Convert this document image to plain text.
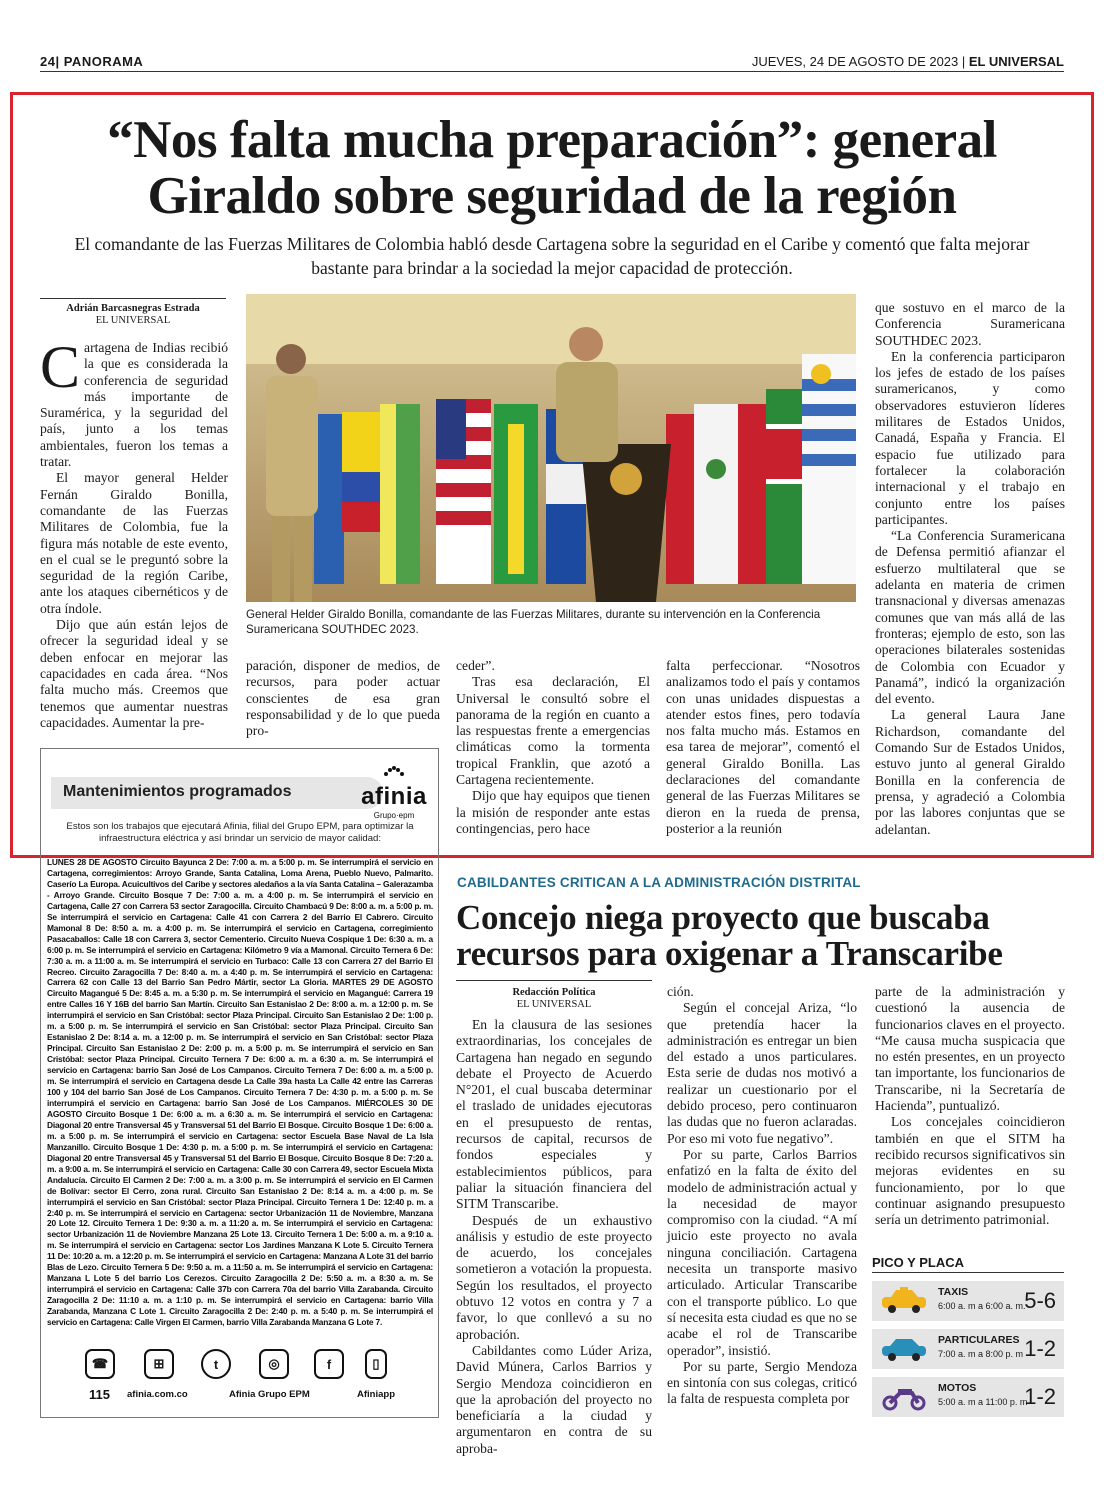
24| PANORAMA	JUEVES, 24 DE AGOSTO DE 2023 | EL UNIVERSAL
“Nos falta mucha preparación”: general Giraldo sobre seguridad de la región

El comandante de las Fuerzas Militares de Colombia habló desde Cartagena sobre la seguridad en el Caribe y comentó que falta mejorar bastante para brindar a la sociedad la mejor capacidad de protección.

Adrián Barcasnegras Estrada
EL UNIVERSAL

Cartagena de Indias recibió la que es considerada la conferencia de seguridad más importante de Suramérica, y la seguridad del país, junto a los temas ambientales, fueron los temas a tratar.

El mayor general Helder Fernán Giraldo Bonilla, comandante de las Fuerzas Militares de Colombia, fue la figura más notable de este evento, en el cual se le preguntó sobre la seguridad de la región Caribe, ante los ataques cibernéticos y de otra índole.

Dijo que aún están lejos de ofrecer la seguridad ideal y se deben enfocar en mejorar las capacidades en cada área. “Nos falta mucho más. Creemos que tenemos que aumentar nuestras capacidades. Aumentar la pre-

General Helder Giraldo Bonilla, comandante de las Fuerzas Militares, durante su intervención en la Conferencia Suramericana SOUTHDEC 2023.

paración, disponer de medios, de recursos, para poder actuar conscientes de esa gran responsabilidad y de lo que pueda pro-

ceder”.

Tras esa declaración, El Universal le consultó sobre el panorama de la región en cuanto a las respuestas frente a emergencias climáticas como la tormenta tropical Franklin, que azotó a Cartagena recientemente.

Dijo que hay equipos que tienen la misión de responder ante estas contingencias, pero hace

falta perfeccionar. “Nosotros analizamos todo el país y contamos con unas unidades dispuestas a atender estos fines, pero todavía nos falta mucho más. Estamos en esa tarea de mejorar”, comentó el general Giraldo Bonilla. Las declaraciones del comandante general de las Fuerzas Militares se dieron en la rueda de prensa, posterior a la reunión

que sostuvo en el marco de la Conferencia Suramericana SOUTHDEC 2023.

En la conferencia participaron los jefes de estado de los países suramericanos, y como observadores estuvieron líderes militares de Estados Unidos, Canadá, España y Francia. El espacio fue utilizado para fortalecer la colaboración internacional y el trabajo en conjunto entre los países participantes.

“La Conferencia Suramericana de Defensa permitió afianzar el esfuerzo multilateral que se adelanta en materia de crimen transnacional y diversas amenazas comunes que van más allá de las fronteras; ejemplo de esto, son las operaciones bilaterales sostenidas de Colombia con Ecuador y Panamá”, indicó la organización del evento.

La general Laura Jane Richardson, comandante del Comando Sur de Estados Unidos, estuvo junto al general Giraldo Bonilla en la conferencia de prensa, y agradeció a Colombia por las labores conjuntas que se adelantan.

Mantenimientos programados	afinia
Grupo·epm

Estos son los trabajos que ejecutará Afinia, filial del Grupo EPM, para optimizar la infraestructura eléctrica y así brindar un servicio de mayor calidad:

LUNES 28 DE AGOSTO Circuito Bayunca 2 De: 7:00 a. m. a 5:00 p. m. Se interrumpirá el servicio en Cartagena, corregimientos: Arroyo Grande, Santa Catalina, Loma Arena, Pueblo Nuevo, Palmarito. Caserío La Europa. Acuicultivos del Caribe y sectores aledaños a la vía Santa Catalina – Galerazamba - Arroyo Grande. Circuito Bosque 7 De: 7:00 a. m. a 4:00 p. m. Se interrumpirá el servicio en Cartagena, Calle 27 con Carrera 53 sector Zaragocilla. Circuito Chambacú 9 De: 8:00 a. m. a 5:00 p. m. Se interrumpirá el servicio en Cartagena: Calle 41 con Carrera 2 del Barrio El Cabrero. Circuito Mamonal 8 De: 8:50 a. m. a 4:00 p. m. Se interrumpirá el servicio en Cartagena, corregimiento Pasacaballos: Calle 18 con Carrera 3, sector Cementerio. Circuito Nueva Cospique 1 De: 6:30 a. m. a 6:00 p. m. Se interrumpirá el servicio en Cartagena: Kilómetro 9 vía a Mamonal. Circuito Ternera 6 De: 7:30 a. m. a 11:00 a. m. Se interrumpirá el servicio en Turbaco: Calle 13 con Carrera 27 del Barrio El Recreo. Circuito Zaragocilla 7 De: 8:40 a. m. a 4:40 p. m. Se interrumpirá el servicio en Cartagena: Carrera 62 con Calle 13 del Barrio San Pedro Mártir, sector La Gloria. MARTES 29 DE AGOSTO Circuito Magangué 5 De: 8:45 a. m. a 5:30 p. m. Se interrumpirá el servicio en Magangué: Carrera 19 entre Calles 16 Y 16B del barrio San Martín. Circuito San Estanislao 2 De: 8:00 a. m. a 12:00 p. m. Se interrumpirá el servicio en San Cristóbal: sector Plaza Principal. Circuito San Estanislao 2 De: 1:00 p. m. a 5:00 p. m. Se interrumpirá el servicio en San Cristóbal: sector Plaza Principal. Circuito San Estanislao 2 De: 8:14 a. m. a 12:00 p. m. Se interrumpirá el servicio en San Cristóbal: sector Plaza Principal. Circuito San Estanislao 2 De: 2:00 p. m. a 5:00 p. m. Se interrumpirá el servicio en San Cristóbal: sector Plaza Principal. Circuito Ternera 7 De: 6:00 a. m. a 6:30 a. m. Se interrumpirá el servicio en Cartagena: barrio San José de Los Campanos. Circuito Ternera 7 De: 6:00 a. m. a 5:00 p. m. Se interrumpirá el servicio en Cartagena desde La Calle 39a hasta La Calle 42 entre las Carreras 100 y 104 del barrio San José de Los Campanos. Circuito Ternera 7 De: 4:30 p. m. a 5:00 p. m. Se interrumpirá el servicio en Cartagena: barrio San José de Los Campanos. MIÉRCOLES 30 DE AGOSTO Circuito Bosque 1 De: 6:00 a. m. a 6:30 a. m. Se interrumpirá el servicio en Cartagena: Diagonal 20 entre Transversal 45 y Transversal 51 del Barrio El Bosque. Circuito Bosque 1 De: 6:00 a. m. a 5:00 p. m. Se interrumpirá el servicio en Cartagena: sector Escuela Base Naval de La Isla Manzanillo. Circuito Bosque 1 De: 4:30 p. m. a 5:00 p. m. Se interrumpirá el servicio en Cartagena: Diagonal 20 entre Transversal 45 y Transversal 51 del Barrio El Bosque. Circuito Bosque 8 De: 7:20 a. m. a 9:00 a. m. Se interrumpirá el servicio en Cartagena: Calle 30 con Carrera 49, sector Escuela Mixta Andalucía. Circuito El Carmen 2 De: 7:00 a. m. a 3:00 p. m. Se interrumpirá el servicio en El Carmen de Bolívar: sector El Cerro, zona rural. Circuito San Estanislao 2 De: 8:14 a. m. a 4:00 p. m. Se interrumpirá el servicio en San Cristóbal: sector Plaza Principal. Circuito Ternera 1 De: 12:40 p. m. a 2:40 p. m. Se interrumpirá el servicio en Cartagena: sector Urbanización 11 de Noviembre, Manzana 20 Lote 12. Circuito Ternera 1 De: 9:30 a. m. a 11:20 a. m. Se interrumpirá el servicio en Cartagena: sector Urbanización 11 de Noviembre Manzana 25 Lote 13. Circuito Ternera 1 De: 5:00 a. m. a 9:10 a. m. Se interrumpirá el servicio en Cartagena: sector Los Jardines Manzana K Lote 5. Circuito Ternera 11 De: 10:20 a. m. a 12:20 p. m. Se interrumpirá el servicio en Cartagena: Manzana A Lote 31 del barrio Blas de Lezo. Circuito Ternera 5 De: 9:50 a. m. a 11:50 a. m. Se interrumpirá el servicio en Cartagena: Manzana L Lote 5 del barrio Los Cerezos. Circuito Zaragocilla 2 De: 5:50 a. m. a 8:30 a. m. Se interrumpirá el servicio en Cartagena: Calle 37b con Carrera 70a del barrio Villa Zarabanda. Circuito Zaragocilla 2 De: 11:10 a. m. a 1:10 p. m. Se interrumpirá el servicio en Cartagena: barrio Villa Zarabanda, Manzana C Lote 1. Circuito Zaragocilla 2 De: 2:40 p. m. a 5:40 p. m. Se interrumpirá el servicio en Cartagena: Calle Virgen El Carmen, barrio Villa Zarabanda Manzana G Lote 7.

☎	⊞	t	◎	f	▯
115 afinia.com.co	Afinia Grupo EPM	Afiniapp
CABILDANTES CRITICAN A LA ADMINISTRACIÓN DISTRITAL
Concejo niega proyecto que buscaba recursos para oxigenar a Transcaribe
Redacción Política
EL UNIVERSAL

En la clausura de las sesiones extraordinarias, los concejales de Cartagena han negado en segundo debate el Proyecto de Acuerdo N°201, el cual buscaba determinar el traslado de unidades ejecutoras en el presupuesto de rentas, recursos de capital, recursos de fondos especiales y establecimientos públicos, para paliar la situación financiera del SITM Transcaribe.

Después de un exhaustivo análisis y estudio de este proyecto de acuerdo, los concejales sometieron a votación la propuesta. Según los resultados, el proyecto obtuvo 12 votos en contra y 7 a favor, lo que conllevó a su no aprobación.

Cabildantes como Lúder Ariza, David Múnera, Carlos Barrios y Sergio Mendoza coincidieron en que la aprobación del proyecto no beneficiaría a la ciudad y argumentaron en contra de su aproba-

ción.

Según el concejal Ariza, “lo que pretendía hacer la administración es entregar un bien del estado a unos particulares. Esta serie de dudas nos motivó a realizar un cuestionario por el debido proceso, pero continuaron las dudas que no fueron aclaradas. Por eso mi voto fue negativo”.

Por su parte, Carlos Barrios enfatizó en la falta de éxito del modelo de administración actual y la necesidad de mayor compromiso con la ciudad. “A mí juicio este proyecto no avala ninguna conciliación. Cartagena necesita un transporte masivo articulado. Articular Transcaribe con el transporte público. Lo que sí necesita esta ciudad es que no se acabe el rol de Transcaribe operador”, insistió.

Por su parte, Sergio Mendoza en sintonía con sus colegas, criticó la falta de respuesta completa por

parte de la administración y cuestionó la ausencia de funcionarios claves en el proyecto. “Me causa mucha suspicacia que no estén presentes, en un proyecto tan importante, los funcionarios de Transcaribe, ni la Secretaría de Hacienda”, puntualizó.

Los concejales coincidieron también en que el SITM ha recibido recursos significativos sin mejoras evidentes en su funcionamiento, por lo que continuar asignando presupuesto sería un detrimento patrimonial.

PICO Y PLACA
TAXIS
6:00 a. m a 6:00 a. m.
5-6
PARTICULARES
7:00 a. m a 8:00 p. m 1-2
MOTOS
5:00 a. m a 11:00 p. m
1-2
